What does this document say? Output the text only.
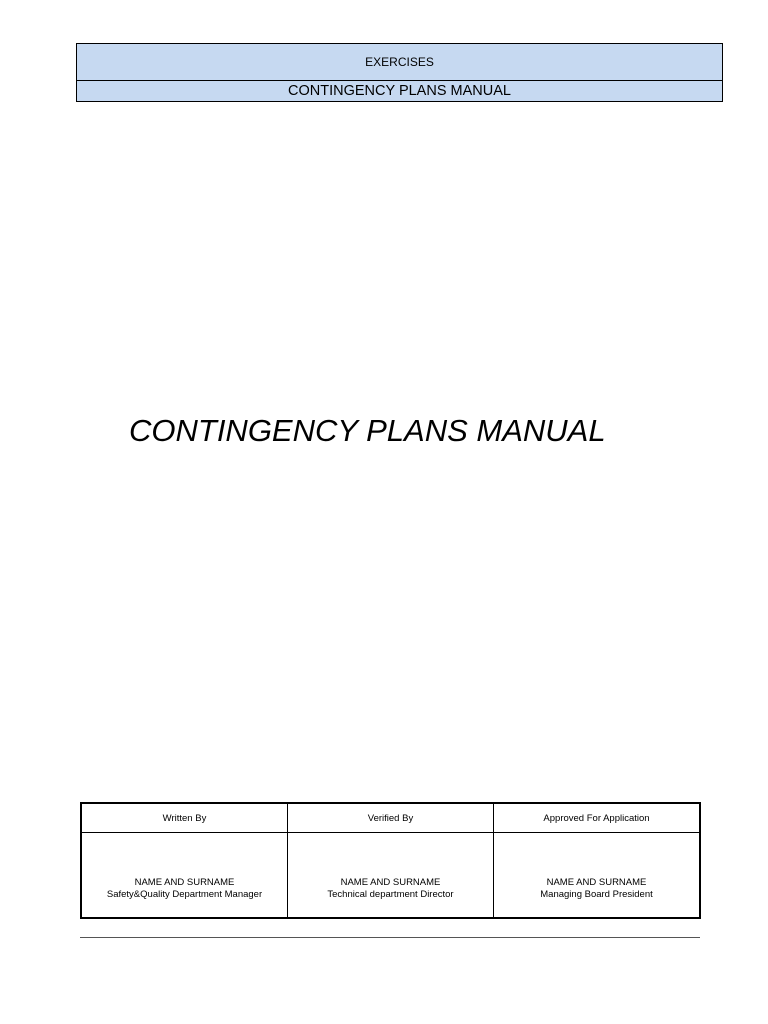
EXERCISES
CONTINGENCY PLANS MANUAL
CONTINGENCY PLANS MANUAL
Written By
NAME AND SURNAME
Safety&Quality Department Manager
Verified By
NAME AND SURNAME
Technical department Director
Approved For Application
NAME AND SURNAME
Managing Board President
